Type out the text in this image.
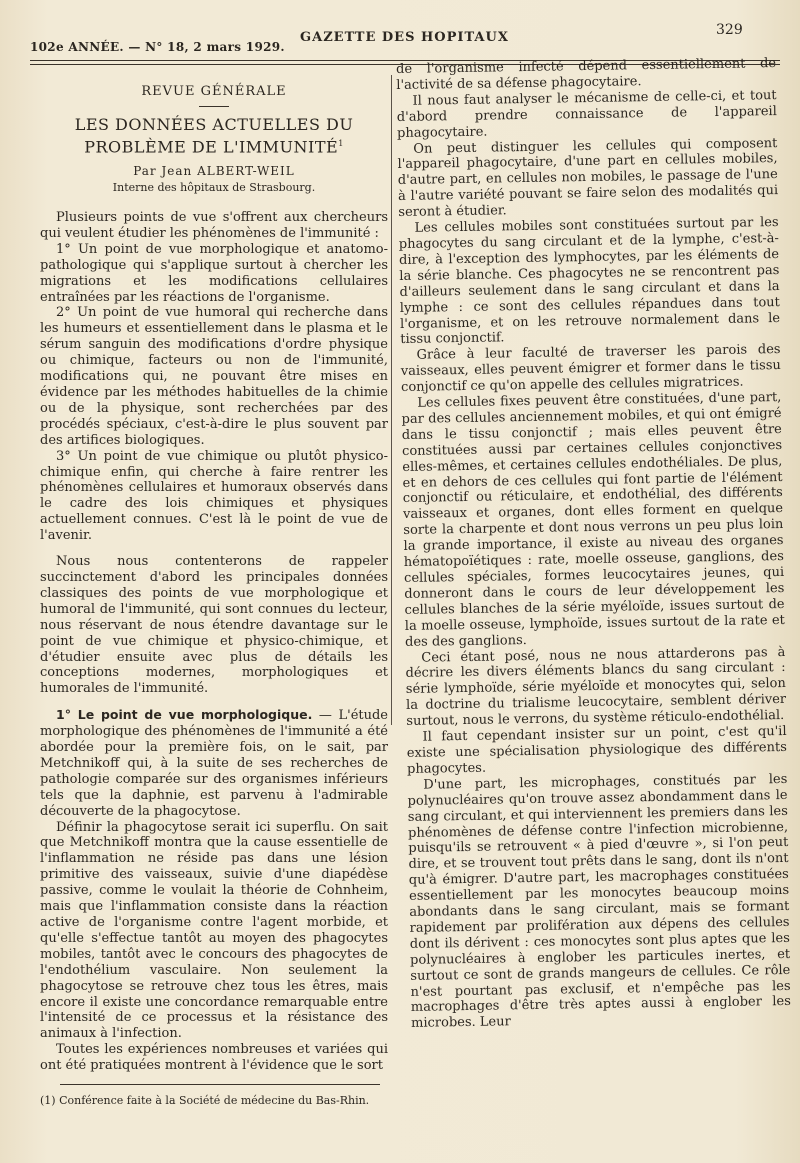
102e ANNÉE. — N° 18, 2 mars 1929.
GAZETTE DES HOPITAUX	329
REVUE GÉNÉRALE
LES DONNÉES ACTUELLES DU PROBLÈME DE L'IMMUNITÉ$^1$
Par Jean ALBERT-WEIL
Interne des hôpitaux de Strasbourg.

Plusieurs points de vue s'offrent aux chercheurs qui veulent étudier les phénomènes de l'immunité :

1° Un point de vue morphologique et anatomo-pathologique qui s'applique surtout à chercher les migrations et les modifications cellulaires entraînées par les réactions de l'organisme.

2° Un point de vue humoral qui recherche dans les humeurs et essentiellement dans le plasma et le sérum sanguin des modifications d'ordre physique ou chimique, facteurs ou non de l'immunité, modifications qui, ne pouvant être mises en évidence par les méthodes habituelles de la chimie ou de la physique, sont recherchées par des procédés spéciaux, c'est-à-dire le plus souvent par des artifices biologiques.

3° Un point de vue chimique ou plutôt physico-chimique enfin, qui cherche à faire rentrer les phénomènes cellulaires et humoraux observés dans le cadre des lois chimiques et physiques actuellement connues. C'est là le point de vue de l'avenir.

Nous nous contenterons de rappeler succinctement d'abord les principales données classiques des points de vue morphologique et humoral de l'immunité, qui sont connues du lecteur, nous réservant de nous étendre davantage sur le point de vue chimique et physico-chimique, et d'étudier ensuite avec plus de détails les conceptions modernes, morphologiques et humorales de l'immunité.

1° Le point de vue morphologique. — L'étude morphologique des phénomènes de l'immunité a été abordée pour la première fois, on le sait, par Metchnikoff qui, à la suite de ses recherches de pathologie comparée sur des organismes inférieurs tels que la daphnie, est parvenu à l'admirable découverte de la phagocytose.

Définir la phagocytose serait ici superflu. On sait que Metchnikoff montra que la cause essentielle de l'inflammation ne réside pas dans une lésion primitive des vaisseaux, suivie d'une diapédèse passive, comme le voulait la théorie de Cohnheim, mais que l'inflammation consiste dans la réaction active de l'organisme contre l'agent morbide, et qu'elle s'effectue tantôt au moyen des phagocytes mobiles, tantôt avec le concours des phagocytes de l'endothélium vasculaire. Non seulement la phagocytose se retrouve chez tous les êtres, mais encore il existe une concordance remarquable entre l'intensité de ce processus et la résistance des animaux à l'infection.

Toutes les expériences nombreuses et variées qui ont été pratiquées montrent à l'évidence que le sort

(1) Conférence faite à la Société de médecine du Bas-Rhin.

de l'organisme infecté dépend essentiellement de l'activité de sa défense phagocytaire.

Il nous faut analyser le mécanisme de celle-ci, et tout d'abord prendre connaissance de l'appareil phagocytaire.

On peut distinguer les cellules qui composent l'appareil phagocytaire, d'une part en cellules mobiles, d'autre part, en cellules non mobiles, le passage de l'une à l'autre variété pouvant se faire selon des modalités qui seront à étudier.

Les cellules mobiles sont constituées surtout par les phagocytes du sang circulant et de la lymphe, c'est-à-dire, à l'exception des lymphocytes, par les éléments de la série blanche. Ces phagocytes ne se rencontrent pas d'ailleurs seulement dans le sang circulant et dans la lymphe : ce sont des cellules répandues dans tout l'organisme, et on les retrouve normalement dans le tissu conjonctif.

Grâce à leur faculté de traverser les parois des vaisseaux, elles peuvent émigrer et former dans le tissu conjonctif ce qu'on appelle des cellules migratrices.

Les cellules fixes peuvent être constituées, d'une part, par des cellules anciennement mobiles, et qui ont émigré dans le tissu conjonctif ; mais elles peuvent être constituées aussi par certaines cellules conjonctives elles-mêmes, et certaines cellules endothéliales. De plus, et en dehors de ces cellules qui font partie de l'élément conjonctif ou réticulaire, et endothélial, des différents vaisseaux et organes, dont elles forment en quelque sorte la charpente et dont nous verrons un peu plus loin la grande importance, il existe au niveau des organes hématopoïétiques : rate, moelle osseuse, ganglions, des cellules spéciales, formes leucocytaires jeunes, qui donneront dans le cours de leur développement les cellules blanches de la série myéloïde, issues surtout de la moelle osseuse, lymphoïde, issues surtout de la rate et des des ganglions.

Ceci étant posé, nous ne nous attarderons pas à décrire les divers éléments blancs du sang circulant : série lymphoïde, série myéloïde et monocytes qui, selon la doctrine du trialisme leucocytaire, semblent dériver surtout, nous le verrons, du système réticulo-endothélial.

Il faut cependant insister sur un point, c'est qu'il existe une spécialisation physiologique des différents phagocytes.

D'une part, les microphages, constitués par les polynucléaires qu'on trouve assez abondamment dans le sang circulant, et qui interviennent les premiers dans les phénomènes de défense contre l'infection microbienne, puisqu'ils se retrouvent « à pied d'œuvre », si l'on peut dire, et se trouvent tout prêts dans le sang, dont ils n'ont qu'à émigrer. D'autre part, les macrophages constituées essentiellement par les monocytes beaucoup moins abondants dans le sang circulant, mais se formant rapidement par prolifération aux dépens des cellules dont ils dérivent : ces monocytes sont plus aptes que les polynucléaires à englober les particules inertes, et surtout ce sont de grands mangeurs de cellules. Ce rôle n'est pourtant pas exclusif, et n'empêche pas les macrophages d'être très aptes aussi à englober les microbes. Leur
